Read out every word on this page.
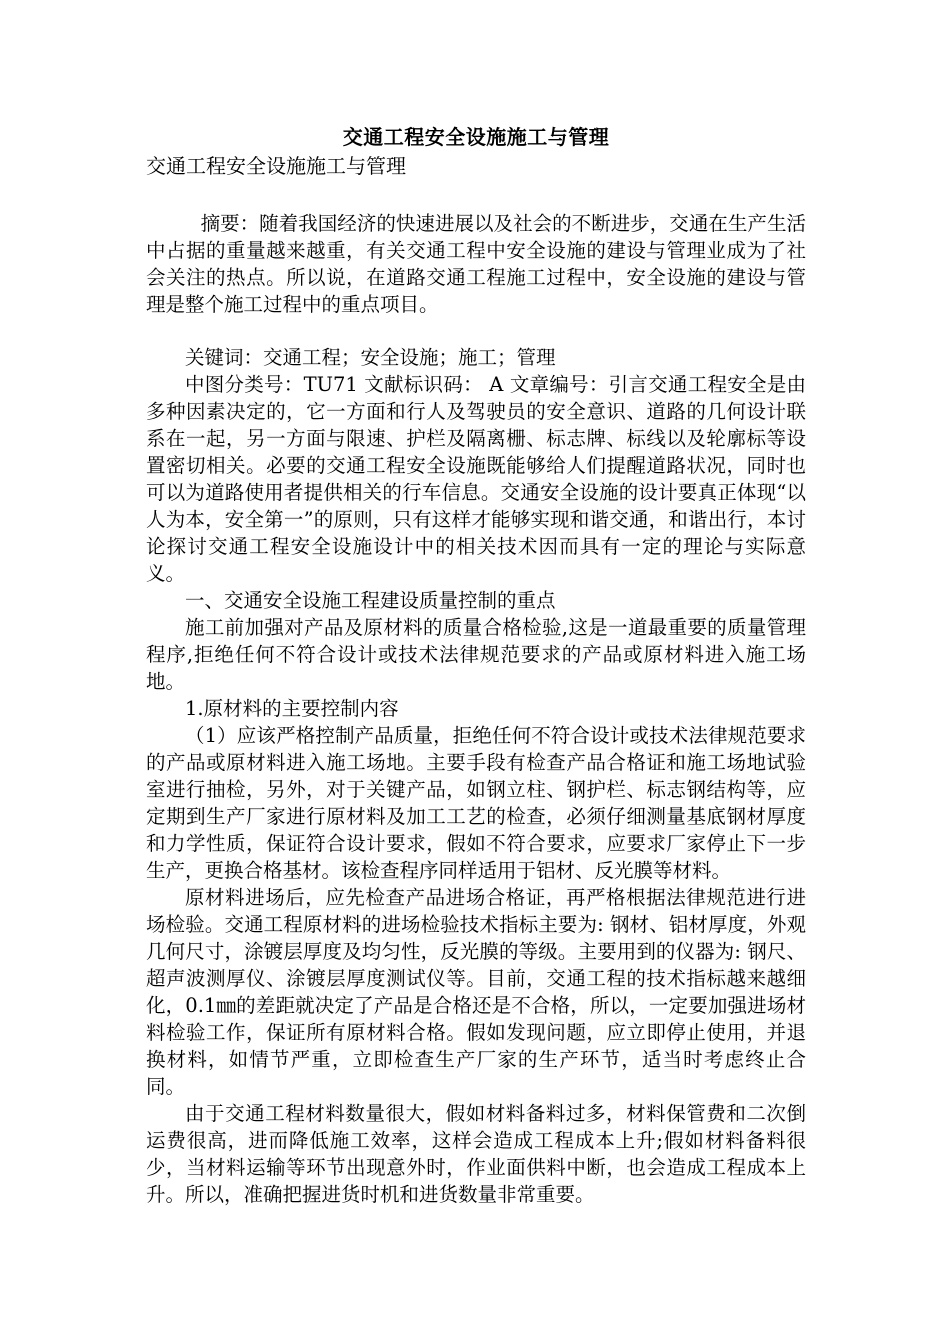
交通工程安全设施施工与管理
交通工程安全设施施工与管理

摘要：随着我国经济的快速进展以及社会的不断进步，交通在生产生活中占据的重量越来越重，有关交通工程中安全设施的建设与管理业成为了社会关注的热点。所以说，在道路交通工程施工过程中，安全设施的建设与管理是整个施工过程中的重点项目。

关键词：交通工程；安全设施；施工；管理

中图分类号：TU71 文献标识码： A 文章编号：引言交通工程安全是由多种因素决定的，它一方面和行人及驾驶员的安全意识、道路的几何设计联系在一起，另一方面与限速、护栏及隔离栅、标志牌、标线以及轮廓标等设置密切相关。必要的交通工程安全设施既能够给人们提醒道路状况，同时也可以为道路使用者提供相关的行车信息。交通安全设施的设计要真正体现“以人为本，安全第一”的原则，只有这样才能够实现和谐交通，和谐出行，本讨论探讨交通工程安全设施设计中的相关技术因而具有一定的理论与实际意义。

一、交通安全设施工程建设质量控制的重点

施工前加强对产品及原材料的质量合格检验,这是一道最重要的质量管理程序,拒绝任何不符合设计或技术法律规范要求的产品或原材料进入施工场地。

1.原材料的主要控制内容

（1）应该严格控制产品质量，拒绝任何不符合设计或技术法律规范要求的产品或原材料进入施工场地。主要手段有检查产品合格证和施工场地试验室进行抽检，另外，对于关键产品，如钢立柱、钢护栏、标志钢结构等，应定期到生产厂家进行原材料及加工工艺的检查，必须仔细测量基底钢材厚度和力学性质，保证符合设计要求，假如不符合要求，应要求厂家停止下一步生产，更换合格基材。该检查程序同样适用于铝材、反光膜等材料。

原材料进场后，应先检查产品进场合格证，再严格根据法律规范进行进场检验。交通工程原材料的进场检验技术指标主要为: 钢材、铝材厚度，外观几何尺寸，涂镀层厚度及均匀性，反光膜的等级。主要用到的仪器为: 钢尺、超声波测厚仪、涂镀层厚度测试仪等。目前，交通工程的技术指标越来越细化，0.1㎜的差距就决定了产品是合格还是不合格，所以，一定要加强进场材料检验工作，保证所有原材料合格。假如发现问题，应立即停止使用，并退换材料，如情节严重，立即检查生产厂家的生产环节，适当时考虑终止合同。

由于交通工程材料数量很大，假如材料备料过多，材料保管费和二次倒运费很高，进而降低施工效率，这样会造成工程成本上升;假如材料备料很少，当材料运输等环节出现意外时，作业面供料中断，也会造成工程成本上升。所以，准确把握进货时机和进货数量非常重要。
